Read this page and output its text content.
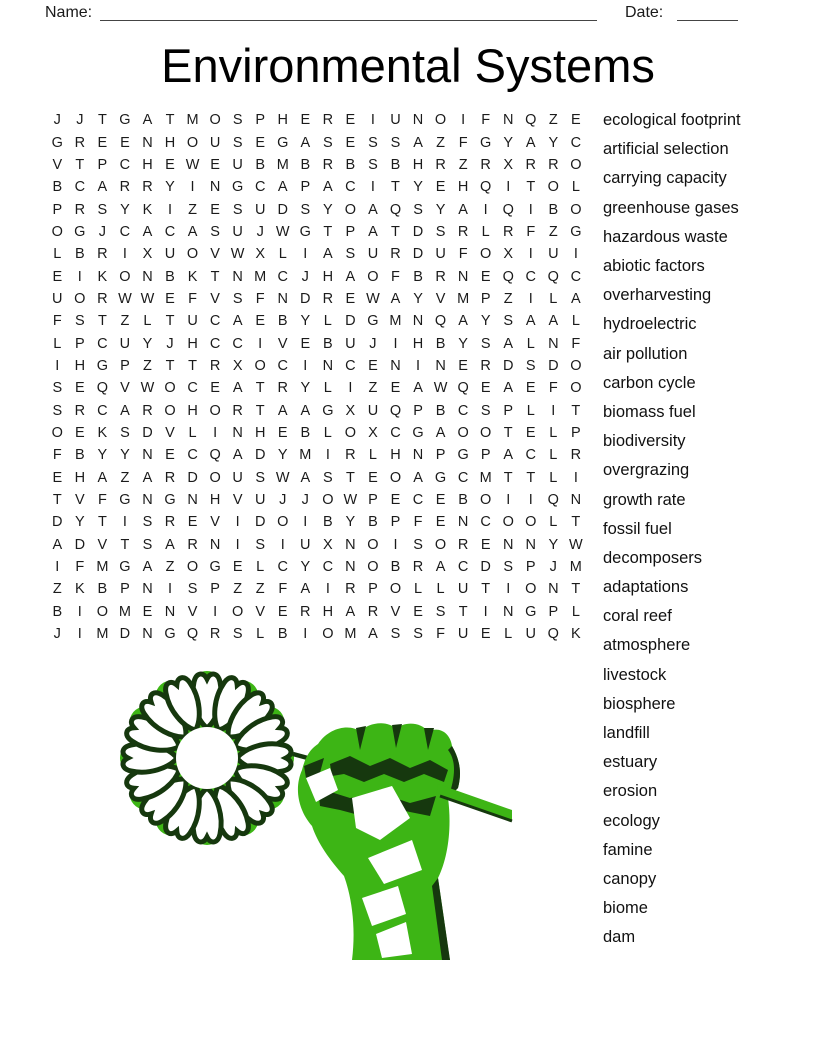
Name:	Date:
Environmental Systems
J	J	T G A T M O S P H E R E	I	U N O	I	F N Q Z E
G R E E N H O U S E G A S E S S A Z F G Y A Y C
V T P C H E W E U B M B R B S B H R Z R X R R O
B C A R R Y	I	N G C A P A C	I	T Y E H Q	I	T O L
P R S Y K	I	Z E S U D S Y O A Q S Y A	I	Q	I	B O
O G J C A C A S U J W G T P A T D S R L R F Z G
L B R	I	X U O V W X L	I	A S U R D U F O X	I	U	I
E	I	K O N B K T N M C J H A O F B R N E Q C Q C
U O R W W E F V S F N D R E W A Y V M P Z	I	L A
F S T Z L T U C A E B Y L D G M N Q A Y S A A L
L P C U Y J H C C	I	V E B U J	I	H B Y S A L N F
I	H G P Z T T R X O C	I	N C E N	I	N E R D S D O
S E Q V W O C E A T R Y L	I	Z E A W Q E A E F O
S R C A R O H O R T A A G X U Q P B C S P L	I	T
O E K S D V L	I	N H E B L O X C G A O O T E L P
F B Y Y N E C Q A D Y M I	R L H N P G P A C L R
E H A Z A R D O U S W A S T E O A G C M T T L	I
T V F G N G N H V U J	J O W P E C E B O	I	I	Q N
D Y T	I	S R E V	I	D O	I	B Y B P F E N C O O L T
A D V T S A R N	I	S	I	U X N O	I	S O R E N N Y W
I	F M G A Z O G E L C Y C N O B R A C D S P J M
Z K B P N	I	S P Z Z F A	I	R P O L L U T	I	O N T
B	I	O M E N V	I	O V E R H A R V E S T	I	N G P L
J	I M D N G Q R S L B	I	O M A S S F U E L U Q K
ecological footprint
artificial selection
carrying capacity
greenhouse gases
hazardous waste
abiotic factors
overharvesting
hydroelectric
air pollution
carbon cycle
biomass fuel
biodiversity
overgrazing
growth rate
fossil fuel
decomposers
adaptations
coral reef
atmosphere
livestock
biosphere
landfill
estuary
erosion
ecology
famine
canopy
biome
dam
